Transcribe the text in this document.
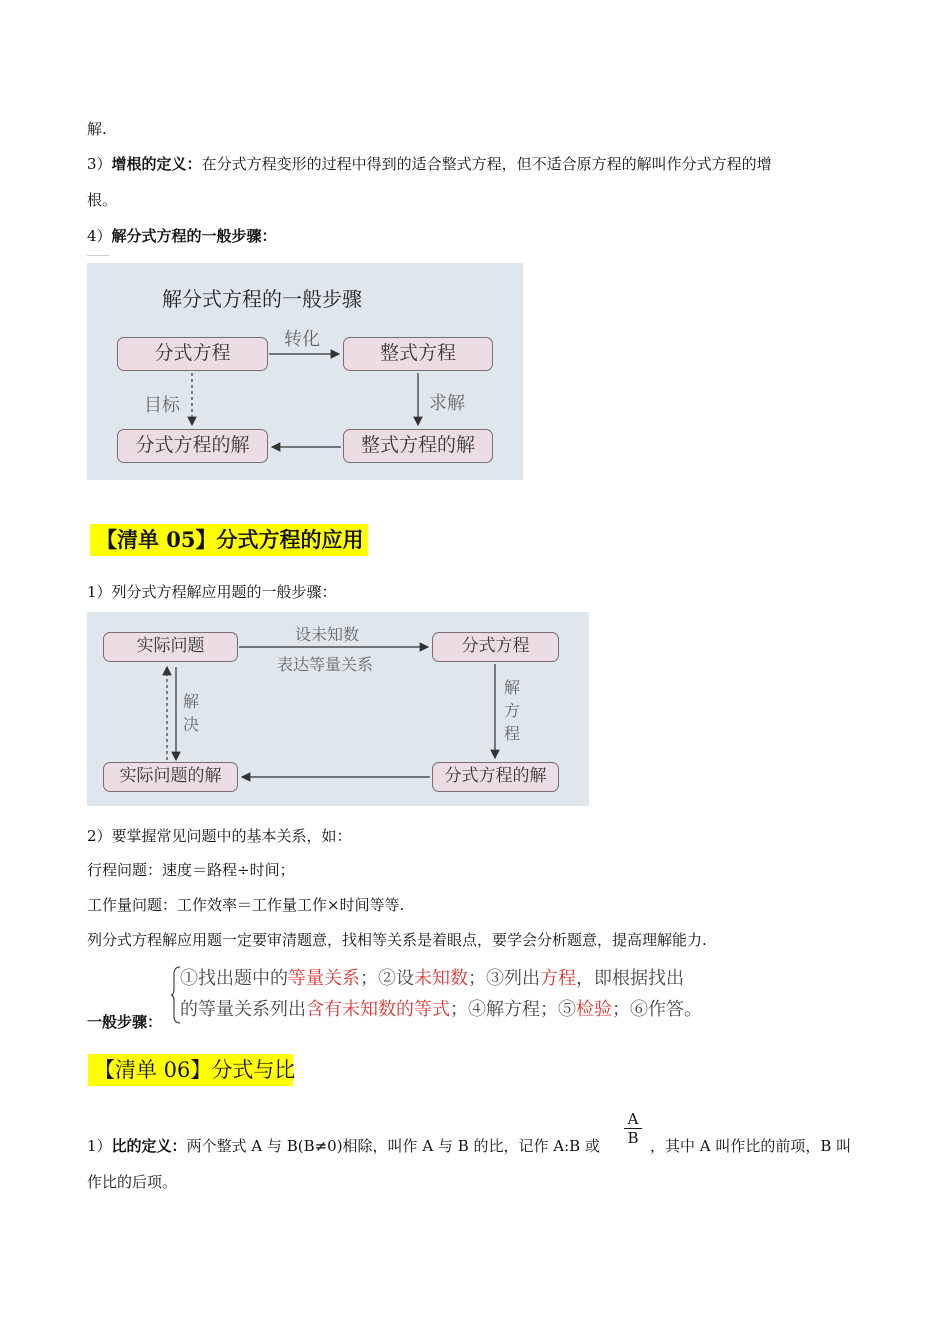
解.
3）增根的定义：在分式方程变形的过程中得到的适合整式方程，但不适合原方程的解叫作分式方程的增
根。
4）解分式方程的一般步骤：
解分式方程的一般步骤
分式方程	整式方程
整式方程的解
分式方程的解
转化
求解
目标
【清单 05】分式方程的应用
1）列分式方程解应用题的一般步骤：
实际问题	分式方程
分式方程的解
实际问题的解
设未知数
表达等量关系
解
方
程
解
决
2）要掌握常见问题中的基本关系，如：
行程问题：速度＝路程÷时间；
工作量问题：工作效率＝工作量工作×时间等等.
列分式方程解应用题一定要审清题意，找相等关系是着眼点，要学会分析题意，提高理解能力.
一般步骤：
①找出题中的等量关系；②设未知数；③列出方程，即根据找出
的等量关系列出含有未知数的等式；④解方程；⑤检验；⑥作答。
【清单 06】分式与比
1）比的定义：两个整式 A 与 B(B≠0)相除，叫作 A 与 B 的比，记作 A:B 或
A
B ，其中 A 叫作比的前项，B 叫
作比的后项。
